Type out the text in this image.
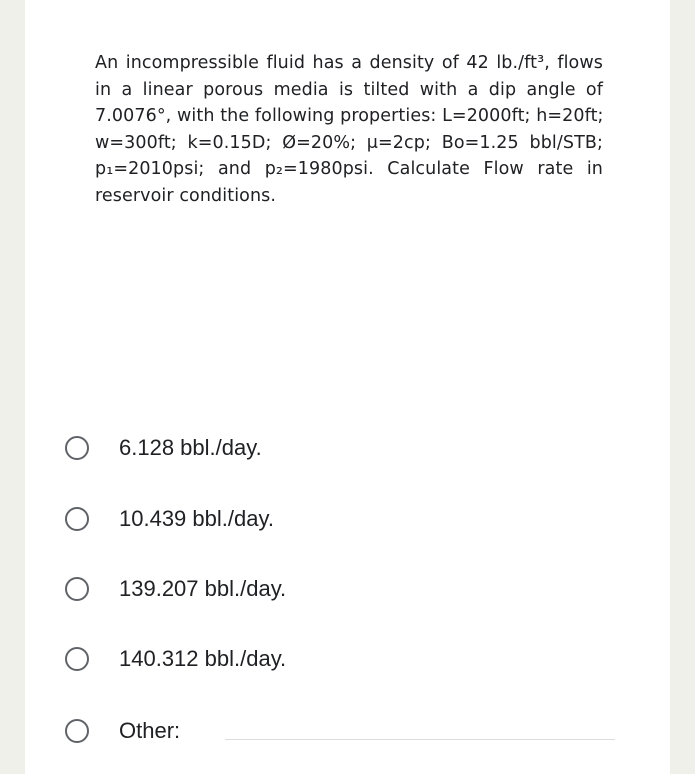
An incompressible fluid has a density of 42 lb./ft³, flows
in a linear porous media is tilted with a dip angle of
7.0076°, with the following properties: L=2000ft; h=20ft;
w=300ft; k=0.15D; Ø=20%; μ=2cp; Bo=1.25 bbl/STB;
p₁=2010psi; and p₂=1980psi. Calculate Flow rate in
reservoir conditions.
6.128 bbl./day.
10.439 bbl./day.
139.207 bbl./day.
140.312 bbl./day.
Other:
